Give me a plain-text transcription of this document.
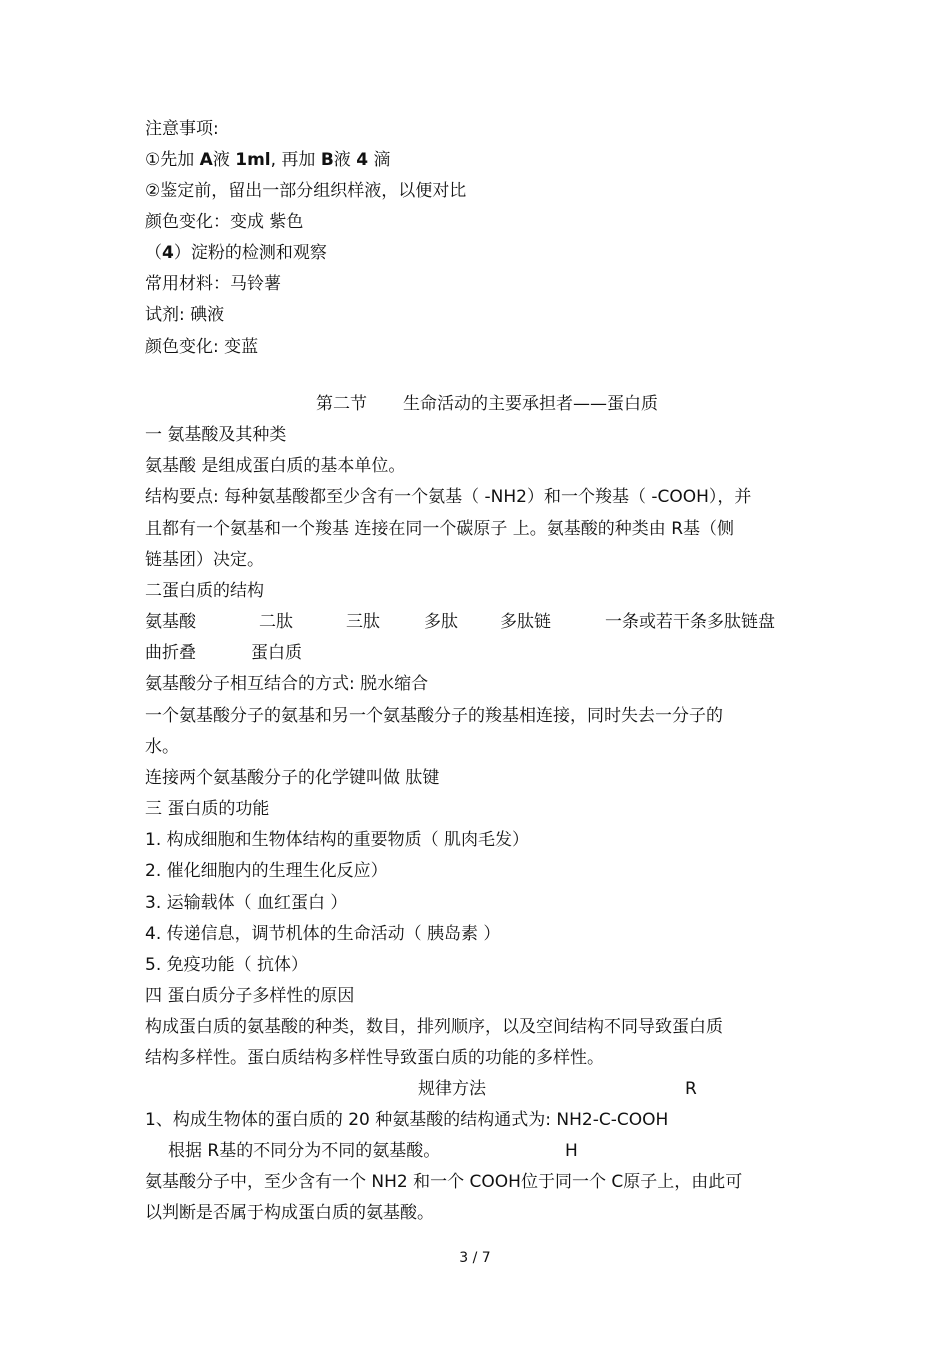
注意事项:
①先加 A液 1ml, 再加 B液 4 滴
②鉴定前，留出一部分组织样液，以便对比
颜色变化：变成 紫色
（4）淀粉的检测和观察
常用材料：马铃薯
试剂: 碘液
颜色变化: 变蓝
第二节 生命活动的主要承担者——蛋白质
一 氨基酸及其种类
氨基酸 是组成蛋白质的基本单位。
结构要点: 每种氨基酸都至少含有一个氨基（ -NH2）和一个羧基（ -COOH），并
且都有一个氨基和一个羧基 连接在同一个碳原子 上。氨基酸的种类由 R基（侧
链基团）决定。
二蛋白质的结构
氨基酸	二肽	三肽	多肽 多肽链	一条或若干条多肽链盘
曲折叠	蛋白质
氨基酸分子相互结合的方式: 脱水缩合
一个氨基酸分子的氨基和另一个氨基酸分子的羧基相连接，同时失去一分子的
水。
连接两个氨基酸分子的化学键叫做 肽键
三 蛋白质的功能
1. 构成细胞和生物体结构的重要物质（ 肌肉毛发）
2. 催化细胞内的生理生化反应）
3. 运输载体（ 血红蛋白 ）
4. 传递信息，调节机体的生命活动（ 胰岛素 ）
5. 免疫功能（ 抗体）
四 蛋白质分子多样性的原因
构成蛋白质的氨基酸的种类，数目，排列顺序，以及空间结构不同导致蛋白质
结构多样性。蛋白质结构多样性导致蛋白质的功能的多样性。
规律方法	R
1、构成生物体的蛋白质的 20 种氨基酸的结构通式为: NH2-C-COOH
根据 R基的不同分为不同的氨基酸。	H
氨基酸分子中，至少含有一个 NH2 和一个 COOH位于同一个 C原子上，由此可
以判断是否属于构成蛋白质的氨基酸。
3 / 7
